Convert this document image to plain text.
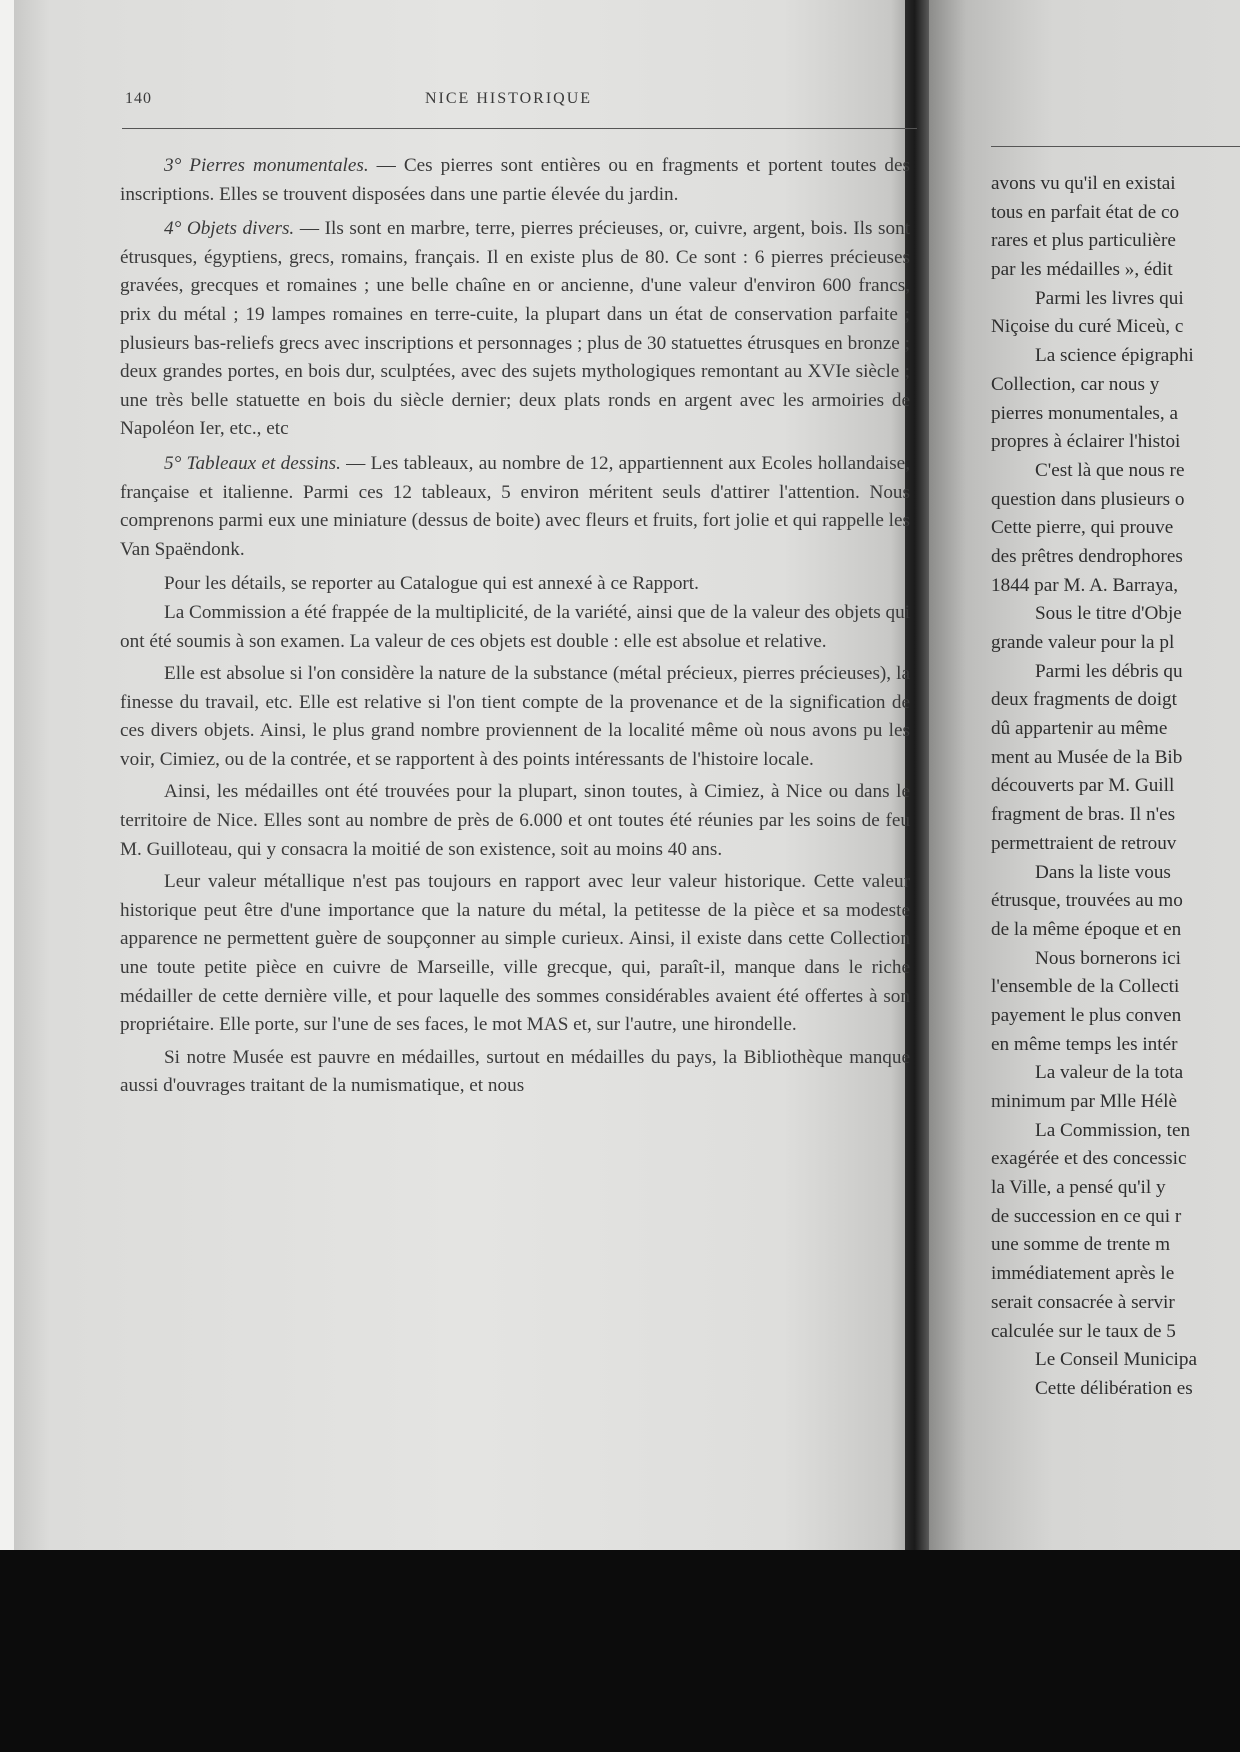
avons vu qu'il en existai
tous en parfait état de co
rares et plus particulière
par les médailles », édit
Parmi les livres qui
Niçoise du curé Miceù, c
La science épigraphi
Collection, car nous y
pierres monumentales, a
propres à éclairer l'histoi
C'est là que nous re
question dans plusieurs o
Cette pierre, qui prouve
des prêtres dendrophores
1844 par M. A. Barraya,
Sous le titre d'Obje
grande valeur pour la pl
Parmi les débris qu
deux fragments de doigt
dû appartenir au même
ment au Musée de la Bib
découverts par M. Guill
fragment de bras. Il n'es
permettraient de retrouv
Dans la liste vous
étrusque, trouvées au mo
de la même époque et en
Nous bornerons ici
l'ensemble de la Collecti
payement le plus conven
en même temps les intér
La valeur de la tota
minimum par Mlle Hélè
La Commission, ten
exagérée et des concessic
la Ville, a pensé qu'il y
de succession en ce qui r
une somme de trente m
immédiatement après le
serait consacrée à servir
calculée sur le taux de 5
Le Conseil Municipa
Cette délibération es
140	NICE HISTORIQUE

3° Pierres monumentales. — Ces pierres sont entières ou en fragments et portent toutes des inscriptions. Elles se trouvent disposées dans une partie élevée du jardin.

4° Objets divers. — Ils sont en marbre, terre, pierres précieuses, or, cuivre, argent, bois. Ils sont étrusques, égyptiens, grecs, romains, français. Il en existe plus de 80. Ce sont : 6 pierres précieuses gravées, grecques et romaines ; une belle chaîne en or ancienne, d'une valeur d'environ 600 francs, prix du métal ; 19 lampes romaines en terre-cuite, la plupart dans un état de conservation parfaite ; plusieurs bas-reliefs grecs avec inscriptions et personnages ; plus de 30 statuettes étrusques en bronze ; deux grandes portes, en bois dur, sculptées, avec des sujets mythologiques remontant au XVIe siècle ; une très belle statuette en bois du siècle dernier; deux plats ronds en argent avec les armoiries de Napoléon Ier, etc., etc

5° Tableaux et dessins. — Les tableaux, au nombre de 12, appartiennent aux Ecoles hollandaise, française et italienne. Parmi ces 12 tableaux, 5 environ méritent seuls d'attirer l'attention. Nous comprenons parmi eux une miniature (dessus de boite) avec fleurs et fruits, fort jolie et qui rappelle les Van Spaëndonk.

Pour les détails, se reporter au Catalogue qui est annexé à ce Rapport.

La Commission a été frappée de la multiplicité, de la variété, ainsi que de la valeur des objets qui ont été soumis à son examen. La valeur de ces objets est double : elle est absolue et relative.

Elle est absolue si l'on considère la nature de la substance (métal précieux, pierres précieuses), la finesse du travail, etc. Elle est relative si l'on tient compte de la provenance et de la signification de ces divers objets. Ainsi, le plus grand nombre proviennent de la localité même où nous avons pu les voir, Cimiez, ou de la contrée, et se rapportent à des points intéressants de l'histoire locale.

Ainsi, les médailles ont été trouvées pour la plupart, sinon toutes, à Cimiez, à Nice ou dans le territoire de Nice. Elles sont au nombre de près de 6.000 et ont toutes été réunies par les soins de feu M. Guilloteau, qui y consacra la moitié de son existence, soit au moins 40 ans.

Leur valeur métallique n'est pas toujours en rapport avec leur valeur historique. Cette valeur historique peut être d'une importance que la nature du métal, la petitesse de la pièce et sa modeste apparence ne permettent guère de soupçonner au simple curieux. Ainsi, il existe dans cette Collection une toute petite pièce en cuivre de Marseille, ville grecque, qui, paraît-il, manque dans le riche médailler de cette dernière ville, et pour laquelle des sommes considérables avaient été offertes à son propriétaire. Elle porte, sur l'une de ses faces, le mot MAS et, sur l'autre, une hirondelle.

Si notre Musée est pauvre en médailles, surtout en médailles du pays, la Bibliothèque manque aussi d'ouvrages traitant de la numismatique, et nous
